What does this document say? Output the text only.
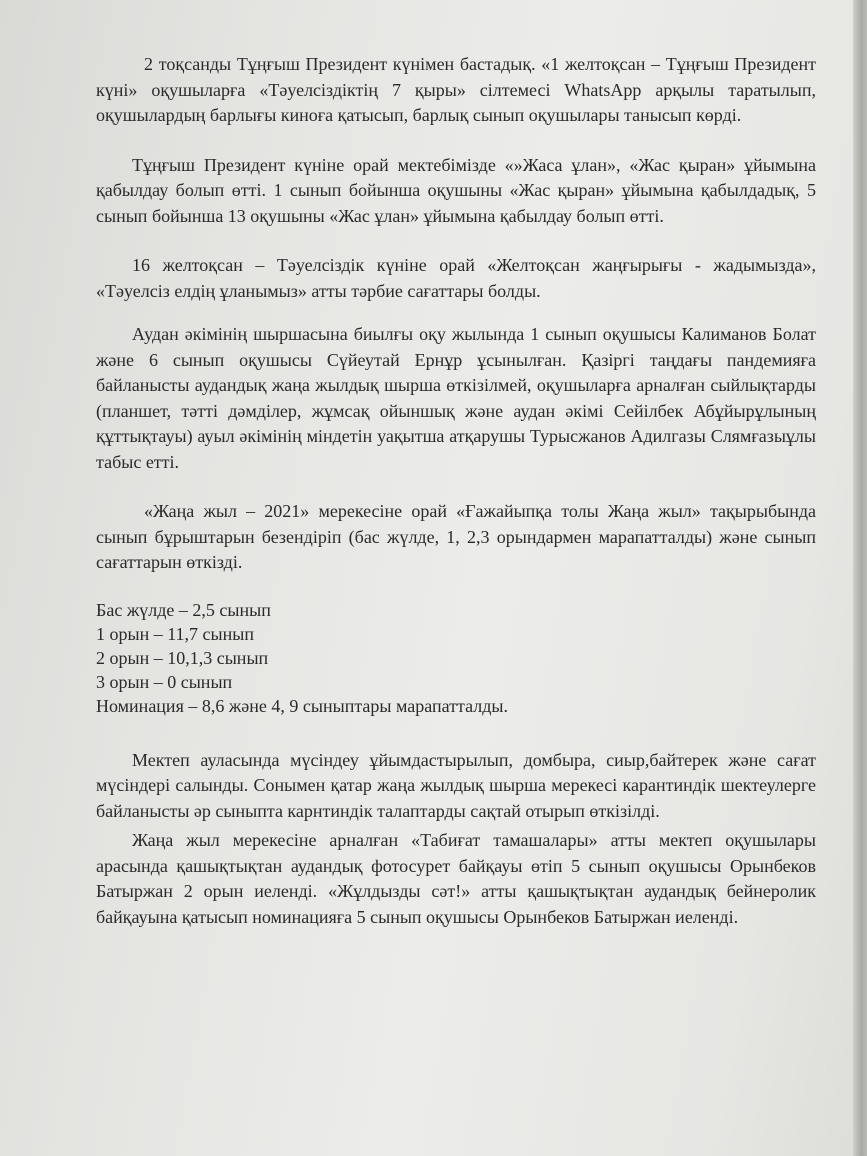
2 тоқсанды Тұңғыш Президент күнімен бастадық. «1 желтоқсан – Тұңғыш Президент күні» оқушыларға «Тәуелсіздіктің 7 қыры» сілтемесі WhatsApp арқылы таратылып, оқушылардың барлығы киноға қатысып, барлық сынып оқушылары танысып көрді.

Тұңғыш Президент күніне орай мектебімізде «»Жаса ұлан», «Жас қыран» ұйымына қабылдау болып өтті. 1 сынып бойынша оқушыны «Жас қыран» ұйымына қабылдадық, 5 сынып бойынша 13 оқушыны «Жас ұлан» ұйымына қабылдау болып өтті.

16 желтоқсан – Тәуелсіздік күніне орай «Желтоқсан жаңғырығы - жадымызда», «Тәуелсіз елдің ұланымыз» атты тәрбие сағаттары болды.

Аудан әкімінің шыршасына биылғы оқу жылында 1 сынып оқушысы Калиманов Болат және 6 сынып оқушысы Сүйеутай Ернұр ұсынылған. Қазіргі таңдағы пандемияға байланысты аудандық жаңа жылдық шырша өткізілмей, оқушыларға арналған сыйлықтарды (планшет, тәтті дәмділер, жұмсақ ойыншық және аудан әкімі Сейілбек Абұйырұлының құттықтауы) ауыл әкімінің міндетін уақытша атқарушы Турысжанов Адилгазы Слямғазыұлы табыс етті.

«Жаңа жыл – 2021» мерекесіне орай «Ғажайыпқа толы Жаңа жыл» тақырыбында сынып бұрыштарын безендіріп (бас жүлде, 1, 2,3 орындармен марапатталды) және сынып сағаттарын өткізді.

Бас жүлде – 2,5 сынып
1 орын – 11,7 сынып
2 орын – 10,1,3 сынып
3 орын – 0 сынып
Номинация – 8,6 және 4, 9 сыныптары марапатталды.

Мектеп ауласында мүсіндеу ұйымдастырылып, домбыра, сиыр,байтерек және сағат мүсіндері салынды. Сонымен қатар жаңа жылдық шырша мерекесі карантиндік шектеулерге байланысты әр сыныпта карнтиндік талаптарды сақтай отырып өткізілді.

Жаңа жыл мерекесіне арналған «Табиғат тамашалары» атты мектеп оқушылары арасында қашықтықтан аудандық фотосурет байқауы өтіп 5 сынып оқушысы Орынбеков Батыржан 2 орын иеленді. «Жұлдызды сәт!» атты қашықтықтан аудандық бейнеролик байқауына қатысып номинацияға 5 сынып оқушысы Орынбеков Батыржан иеленді.
